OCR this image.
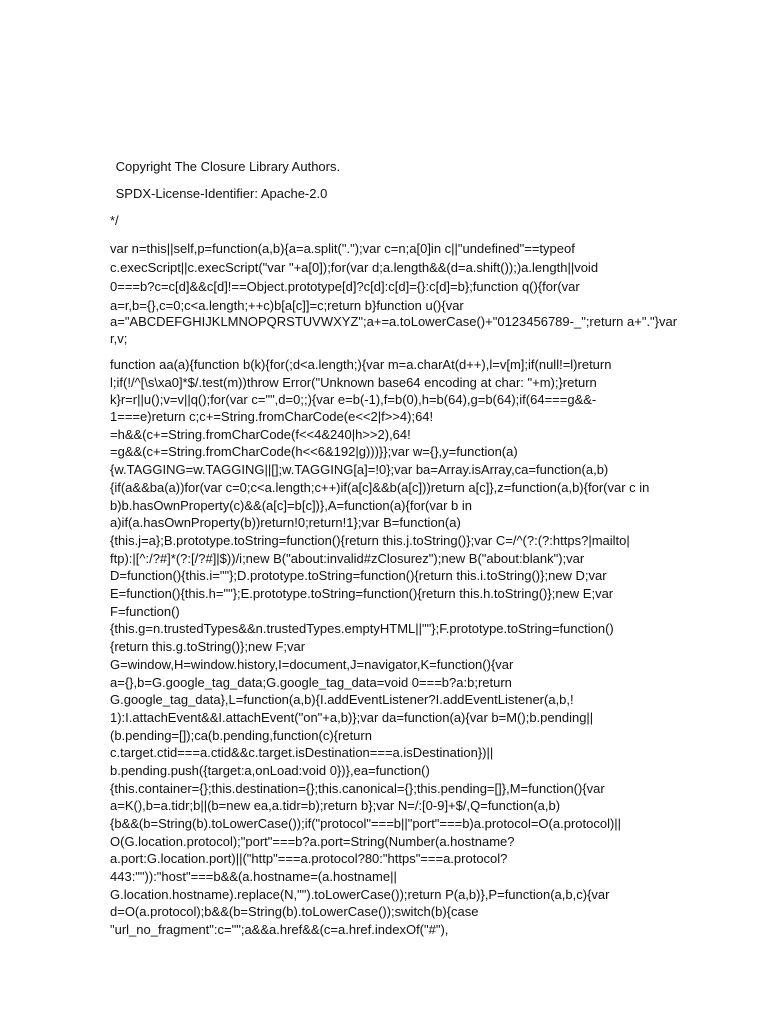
Copyright The Closure Library Authors.
SPDX-License-Identifier: Apache-2.0
*/
var n=this||self,p=function(a,b){a=a.split(".");var c=n;a[0]in c||"undefined"==typeof
c.execScript||c.execScript("var "+a[0]);for(var d;a.length&&(d=a.shift());)a.length||void
0===b?c=c[d]&&c[d]!==Object.prototype[d]?c[d]:c[d]={}:c[d]=b};function q(){for(var
a=r,b={},c=0;c<a.length;++c)b[a[c]]=c;return b}function u(){var
a="ABCDEFGHIJKLMNOPQRSTUVWXYZ";a+=a.toLowerCase()+"0123456789-_";return a+"."}var
r,v;
function aa(a){function b(k){for(;d<a.length;){var m=a.charAt(d++),l=v[m];if(null!=l)return
l;if(!/^[\s\xa0]*$/.test(m))throw Error("Unknown base64 encoding at char: "+m);}return
k}r=r||u();v=v||q();for(var c="",d=0;;){var e=b(-1),f=b(0),h=b(64),g=b(64);if(64===g&&-
1===e)return c;c+=String.fromCharCode(e<<2|f>>4);64!
=h&&(c+=String.fromCharCode(f<<4&240|h>>2),64!
=g&&(c+=String.fromCharCode(h<<6&192|g)))}};var w={},y=function(a)
{w.TAGGING=w.TAGGING||[];w.TAGGING[a]=!0};var ba=Array.isArray,ca=function(a,b)
{if(a&&ba(a))for(var c=0;c<a.length;c++)if(a[c]&&b(a[c]))return a[c]},z=function(a,b){for(var c in
b)b.hasOwnProperty(c)&&(a[c]=b[c])},A=function(a){for(var b in
a)if(a.hasOwnProperty(b))return!0;return!1};var B=function(a)
{this.j=a};B.prototype.toString=function(){return this.j.toString()};var C=/^(?:(?:https?|mailto|
ftp):|[^:/?#]*(?:[/?#]|$))/i;new B("about:invalid#zClosurez");new B("about:blank");var
D=function(){this.i=""};D.prototype.toString=function(){return this.i.toString()};new D;var
E=function(){this.h=""};E.prototype.toString=function(){return this.h.toString()};new E;var
F=function()
{this.g=n.trustedTypes&&n.trustedTypes.emptyHTML||""};F.prototype.toString=function()
{return this.g.toString()};new F;var
G=window,H=window.history,I=document,J=navigator,K=function(){var
a={},b=G.google_tag_data;G.google_tag_data=void 0===b?a:b;return
G.google_tag_data},L=function(a,b){I.addEventListener?I.addEventListener(a,b,!
1):I.attachEvent&&I.attachEvent("on"+a,b)};var da=function(a){var b=M();b.pending||
(b.pending=[]);ca(b.pending,function(c){return
c.target.ctid===a.ctid&&c.target.isDestination===a.isDestination})||
b.pending.push({target:a,onLoad:void 0})},ea=function()
{this.container={};this.destination={};this.canonical={};this.pending=[]},M=function(){var
a=K(),b=a.tidr;b||(b=new ea,a.tidr=b);return b};var N=/:[0-9]+$/,Q=function(a,b)
{b&&(b=String(b).toLowerCase());if("protocol"===b||"port"===b)a.protocol=O(a.protocol)||
O(G.location.protocol);"port"===b?a.port=String(Number(a.hostname?
a.port:G.location.port)||("http"===a.protocol?80:"https"===a.protocol?
443:"")):"host"===b&&(a.hostname=(a.hostname||
G.location.hostname).replace(N,"").toLowerCase());return P(a,b)},P=function(a,b,c){var
d=O(a.protocol);b&&(b=String(b).toLowerCase());switch(b){case
"url_no_fragment":c="";a&&a.href&&(c=a.href.indexOf("#"),
